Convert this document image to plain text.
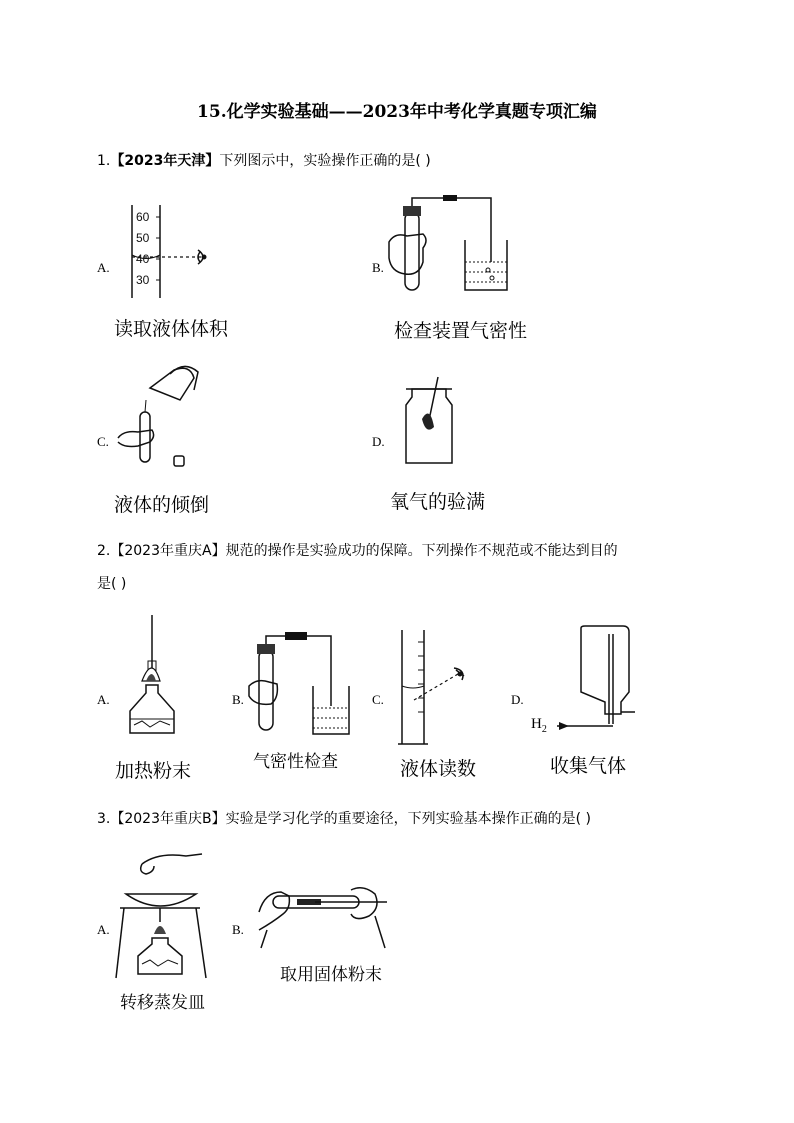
15.化学实验基础——2023年中考化学真题专项汇编
1.【2023年天津】下列图示中，实验操作正确的是( )
A.
60
50
40
30
读取液体体积
B.
检查装置气密性
C.
液体的倾倒
D.
氧气的验满
2.【2023年重庆A】规范的操作是实验成功的保障。下列操作不规范或不能达到目的
是( )
A.
加热粉末
B.
气密性检查
C.
液体读数
D.
$H_2$
收集气体
3.【2023年重庆B】实验是学习化学的重要途径，下列实验基本操作正确的是( )
A.
转移蒸发皿
B.
取用固体粉末
